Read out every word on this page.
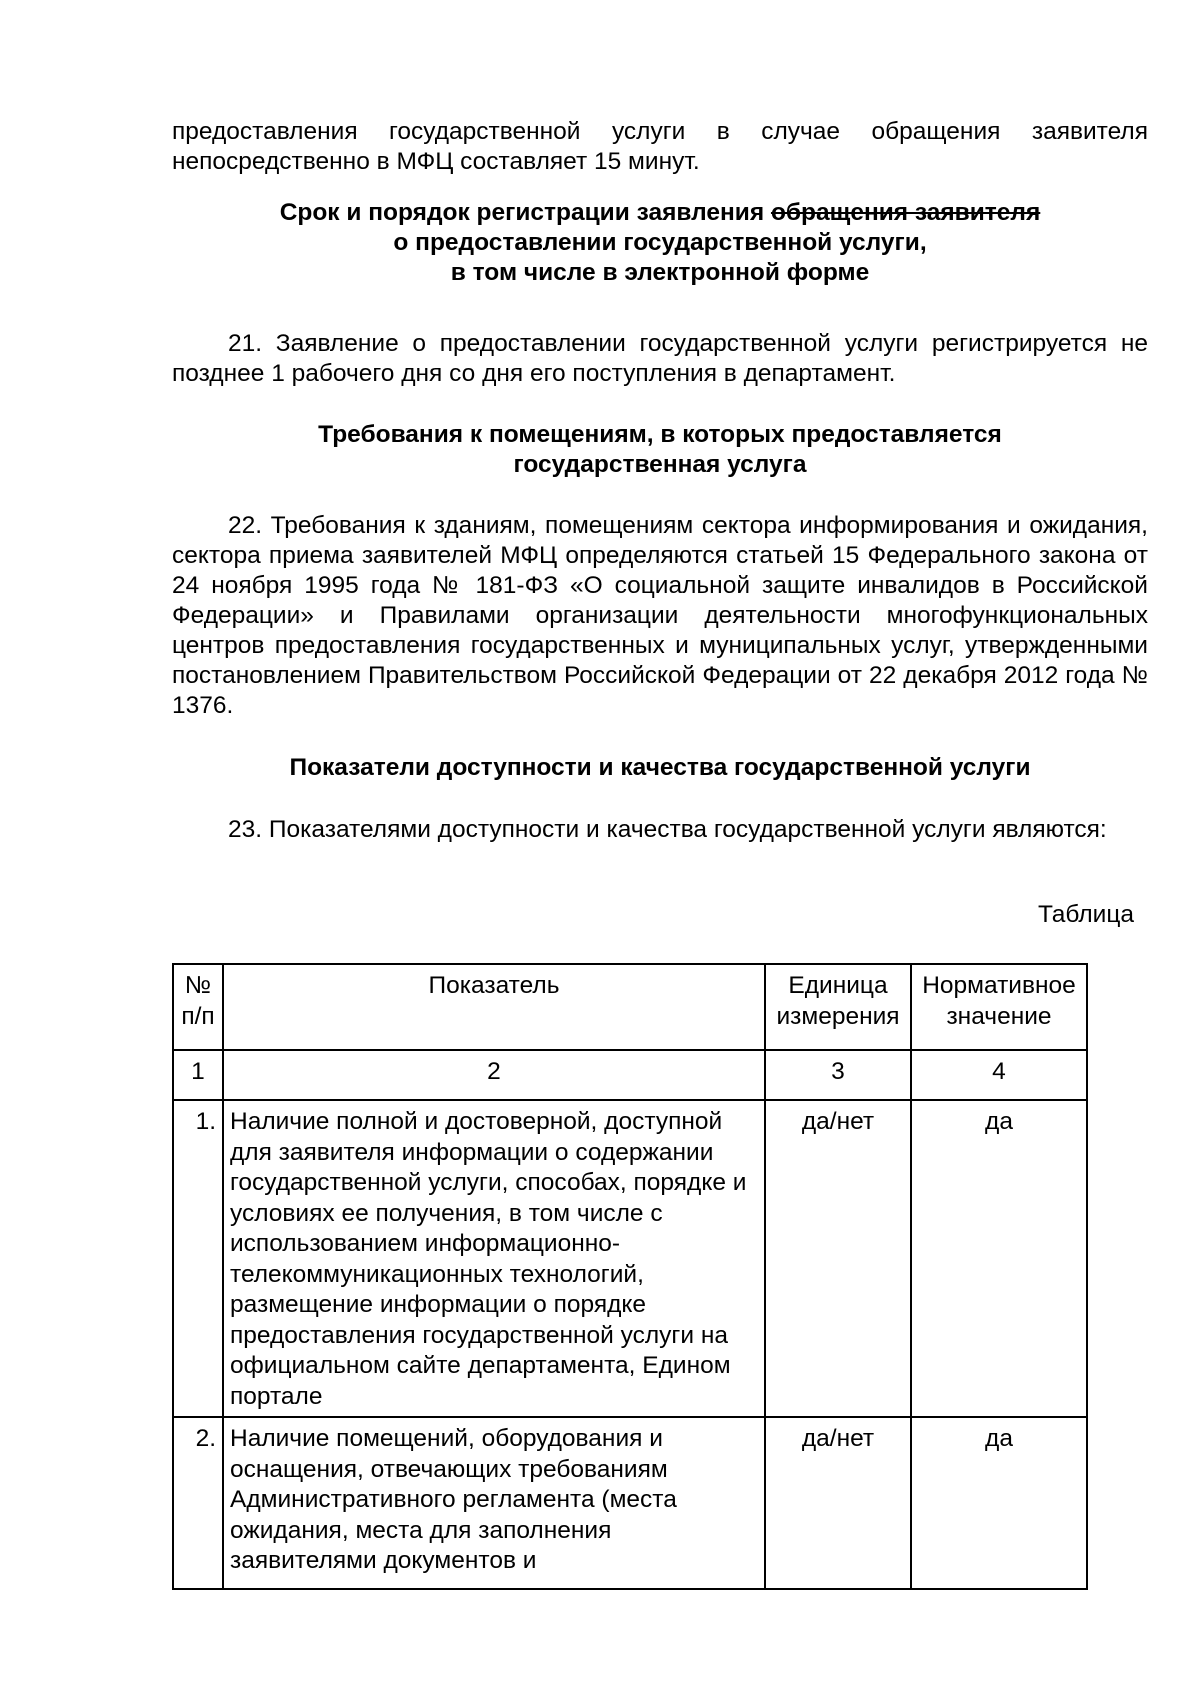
предоставления государственной услуги в случае обращения заявителя непосредственно в МФЦ составляет 15 минут.

Срок и порядок регистрации заявления обращения заявителя
о предоставлении государственной услуги,
в том числе в электронной форме

21. Заявление о предоставлении государственной услуги регистрируется не позднее 1 рабочего дня со дня его поступления в департамент.

Требования к помещениям, в которых предоставляется
государственная услуга

22. Требования к зданиям, помещениям сектора информирования и ожидания, сектора приема заявителей МФЦ определяются статьей 15 Федерального закона от 24 ноября 1995 года № 181-ФЗ «О социальной защите инвалидов в Российской Федерации» и Правилами организации деятельности многофункциональных центров предоставления государственных и муниципальных услуг, утвержденными постановлением Правительством Российской Федерации от 22 декабря 2012 года № 1376.

Показатели доступности и качества государственной услуги

23. Показателями доступности и качества государственной услуги являются:

Таблица

№ п/п	Показатель	Единица измерения	Нормативное значение
1	2	3	4
1.	Наличие полной и достоверной, доступной для заявителя информации о содержании государственной услуги, способах, порядке и условиях ее получения, в том числе с использованием информационно-телекоммуникационных технологий, размещение информации о порядке предоставления государственной услуги на официальном сайте департамента, Едином портале	да/нет	да
2.	Наличие помещений, оборудования и оснащения, отвечающих требованиям Административного регламента (места ожидания, места для заполнения заявителями документов и	да/нет	да
